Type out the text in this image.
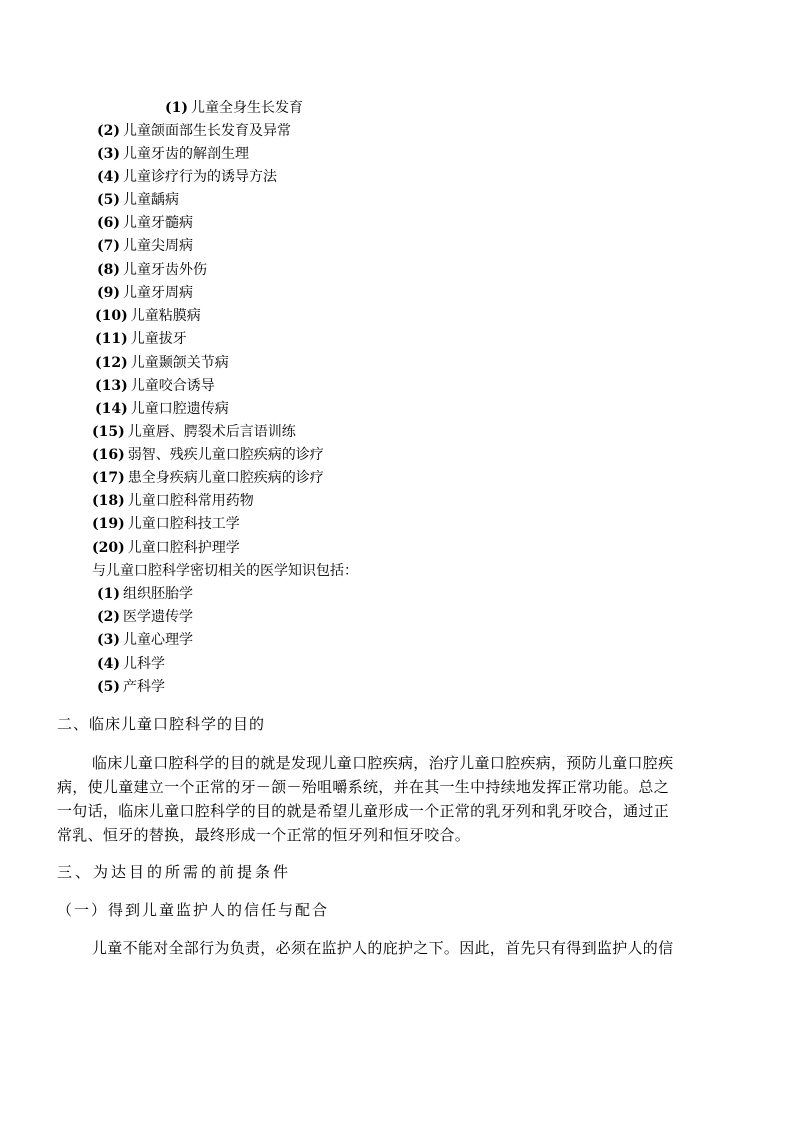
(1) 儿童全身生长发育
(2) 儿童颌面部生长发育及异常
(3) 儿童牙齿的解剖生理
(4) 儿童诊疗行为的诱导方法
(5) 儿童龋病
(6) 儿童牙髓病
(7) 儿童尖周病
(8) 儿童牙齿外伤
(9) 儿童牙周病
(10) 儿童粘膜病
(11) 儿童拔牙
(12) 儿童颞颌关节病
(13) 儿童咬合诱导
(14) 儿童口腔遗传病
(15) 儿童唇、腭裂术后言语训练
(16) 弱智、残疾儿童口腔疾病的诊疗
(17) 患全身疾病儿童口腔疾病的诊疗
(18) 儿童口腔科常用药物
(19) 儿童口腔科技工学
(20) 儿童口腔科护理学
与儿童口腔科学密切相关的医学知识包括：
(1) 组织胚胎学
(2) 医学遗传学
(3) 儿童心理学
(4) 儿科学
(5) 产科学
二、临床儿童口腔科学的目的
临床儿童口腔科学的目的就是发现儿童口腔疾病，治疗儿童口腔疾病，预防儿童口腔疾
病，使儿童建立一个正常的牙－颌－殆咀嚼系统，并在其一生中持续地发挥正常功能。总之
一句话，临床儿童口腔科学的目的就是希望儿童形成一个正常的乳牙列和乳牙咬合，通过正
常乳、恒牙的替换，最终形成一个正常的恒牙列和恒牙咬合。
三、为达目的所需的前提条件
（一）得到儿童监护人的信任与配合
儿童不能对全部行为负责，必须在监护人的庇护之下。因此，首先只有得到监护人的信
